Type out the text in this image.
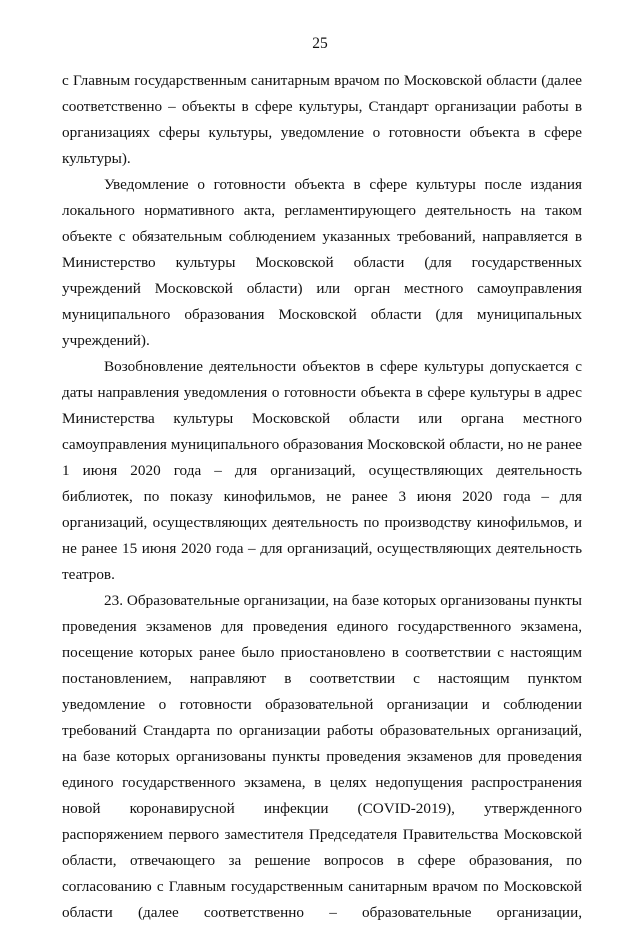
25

с Главным государственным санитарным врачом по Московской области (далее соответственно – объекты в сфере культуры, Стандарт организации работы в организациях сферы культуры, уведомление о готовности объекта в сфере культуры).

Уведомление о готовности объекта в сфере культуры после издания локального нормативного акта, регламентирующего деятельность на таком объекте с обязательным соблюдением указанных требований, направляется в Министерство культуры Московской области (для государственных учреждений Московской области) или орган местного самоуправления муниципального образования Московской области (для муниципальных учреждений).

Возобновление деятельности объектов в сфере культуры допускается с даты направления уведомления о готовности объекта в сфере культуры в адрес Министерства культуры Московской области или органа местного самоуправления муниципального образования Московской области, но не ранее 1 июня 2020 года – для организаций, осуществляющих деятельность библиотек, по показу кинофильмов, не ранее 3 июня 2020 года – для организаций, осуществляющих деятельность по производству кинофильмов, и не ранее 15 июня 2020 года – для организаций, осуществляющих деятельность театров.

23. Образовательные организации, на базе которых организованы пункты проведения экзаменов для проведения единого государственного экзамена, посещение которых ранее было приостановлено в соответствии с настоящим постановлением, направляют в соответствии с настоящим пунктом уведомление о готовности образовательной организации и соблюдении требований Стандарта по организации работы образовательных организаций, на базе которых организованы пункты проведения экзаменов для проведения единого государственного экзамена, в целях недопущения распространения новой коронавирусной инфекции (COVID-2019), утвержденного распоряжением первого заместителя Председателя Правительства Московской области, отвечающего за решение вопросов в сфере образования, по согласованию с Главным государственным санитарным врачом по Московской области (далее соответственно – образовательные организации,
